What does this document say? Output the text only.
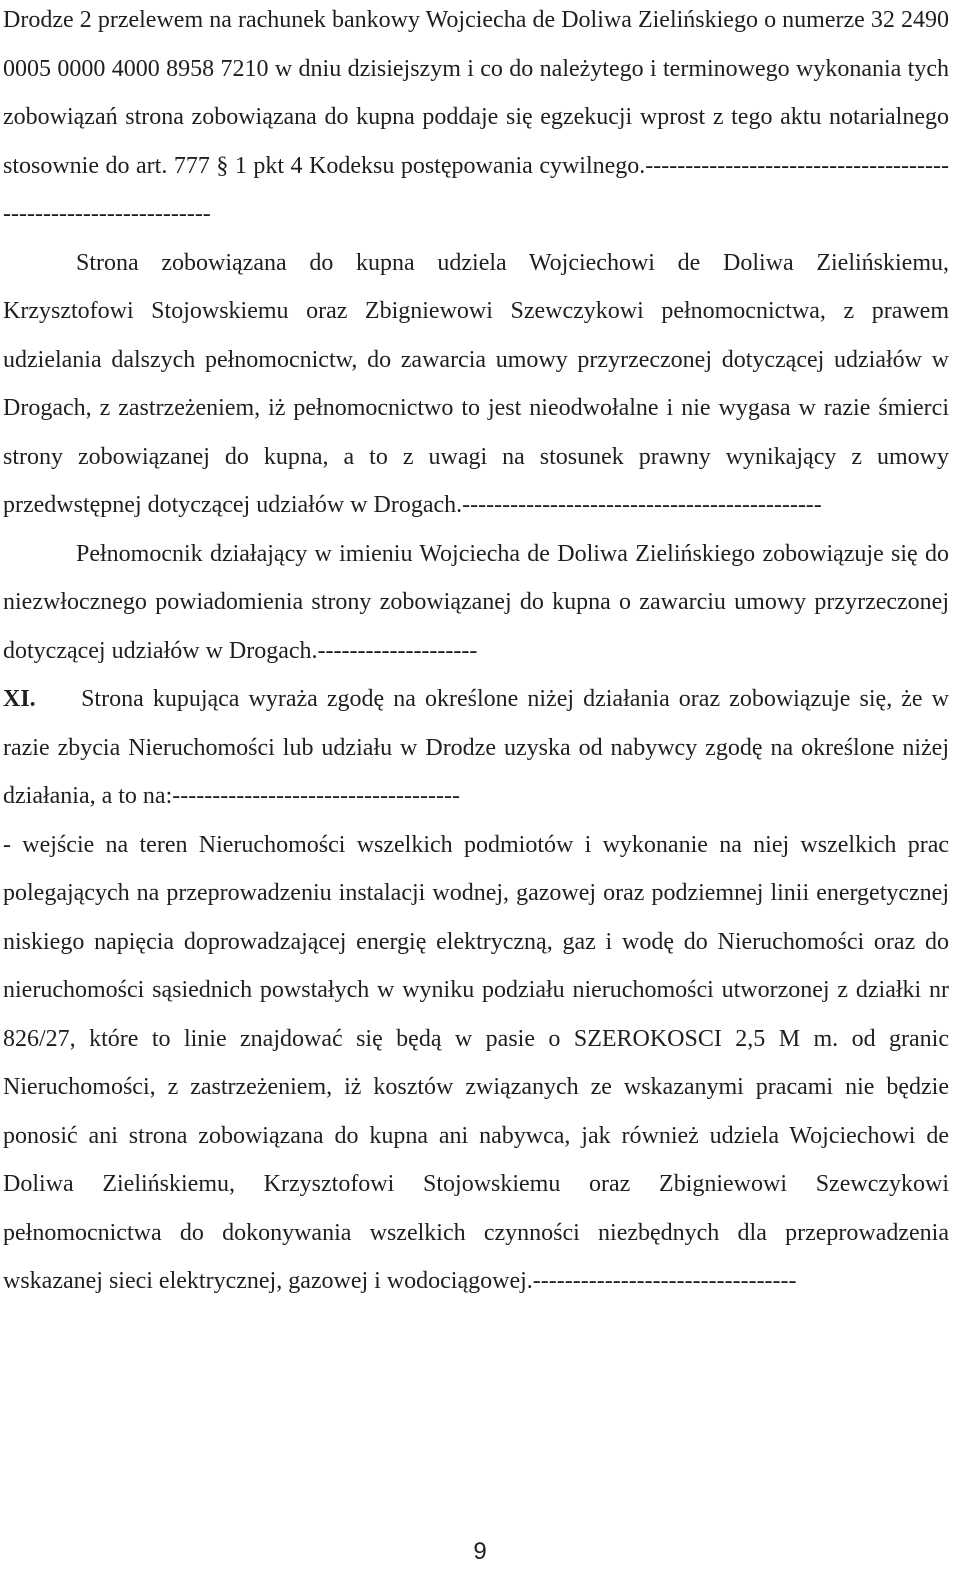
Drodze 2 przelewem na rachunek bankowy Wojciecha de Doliwa Zielińskiego o numerze 32 2490 0005 0000 4000 8958 7210 w dniu dzisiejszym i co do należytego i terminowego wykonania tych zobowiązań strona zobowiązana do kupna poddaje się egzekucji wprost z tego aktu notarialnego stosownie do art. 777 § 1 pkt 4 Kodeksu postępowania cywilnego.----------------------------------------------------------------

Strona zobowiązana do kupna udziela Wojciechowi de Doliwa Zielińskiemu, Krzysztofowi Stojowskiemu oraz Zbigniewowi Szewczykowi pełnomocnictwa, z prawem udzielania dalszych pełnomocnictw, do zawarcia umowy przyrzeczonej dotyczącej udziałów w Drogach, z zastrzeżeniem, iż pełnomocnictwo to jest nieodwołalne i nie wygasa w razie śmierci strony zobowiązanej do kupna, a to z uwagi na stosunek prawny wynikający z umowy przedwstępnej dotyczącej udziałów w Drogach.---------------------------------------------

Pełnomocnik działający w imieniu Wojciecha de Doliwa Zielińskiego zobowiązuje się do niezwłocznego powiadomienia strony zobowiązanej do kupna o zawarciu umowy przyrzeczonej dotyczącej udziałów w Drogach.--------------------

XI. Strona kupująca wyraża zgodę na określone niżej działania oraz zobowiązuje się, że w razie zbycia Nieruchomości lub udziału w Drodze uzyska od nabywcy zgodę na określone niżej działania, a to na:------------------------------------

- wejście na teren Nieruchomości wszelkich podmiotów i wykonanie na niej wszelkich prac polegających na przeprowadzeniu instalacji wodnej, gazowej oraz podziemnej linii energetycznej niskiego napięcia doprowadzającej energię elektryczną, gaz i wodę do Nieruchomości oraz do nieruchomości sąsiednich powstałych w wyniku podziału nieruchomości utworzonej z działki nr 826/27, które to linie znajdować się będą w pasie o SZEROKOSCI 2,5 M m. od granic Nieruchomości, z zastrzeżeniem, iż kosztów związanych ze wskazanymi pracami nie będzie ponosić ani strona zobowiązana do kupna ani nabywca, jak również udziela Wojciechowi de Doliwa Zielińskiemu, Krzysztofowi Stojowskiemu oraz Zbigniewowi Szewczykowi pełnomocnictwa do dokonywania wszelkich czynności niezbędnych dla przeprowadzenia wskazanej sieci elektrycznej, gazowej i wodociągowej.---------------------------------

9
